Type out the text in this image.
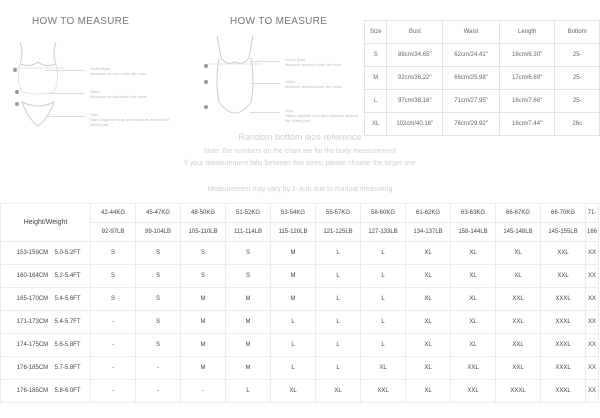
HOW TO MEASURE
Under Bust
Measure around under the bust
Waist
Measure around lower the waist
Hips
Stand together legs and measure around the fullest part
HOW TO MEASURE
Under Bust
Measure around under the bust
Waist
Measure around lower the waist
Hips
Stand together legs and measure around the fullest part
Size	Bust	Waist	Length	Bottom
S	88cm/34.65''	62cm/24.41''	16cm/6.30''	25-
M	92cm/36.22''	66cm/25.98''	17cm/6.69''	25-
L	97cm/38.16''	71cm/27.95''	16cm/7.66''	25-
XL	102cm/40.16''	76cm/29.92''	16cm/7.44''	26c
Random bottom size reference
Note: the numbers on the chart are for the body measurement
If your measurement falls between two sizes, please choose the larger one
Measurement may vary by 1-3cm due to manual measuring
Height/Weight	42-44KG	45-47KG	48-50KG	51-52KG	53-54KG	55-57KG	58-60KG	61-62KG	63-63KG	66-67KG	66-70KG	71-
	92-97LB	99-104LB	105-110LB	111-114LB	115-120LB	121-125LB	127-133LB	134-137LB	158-144LB	145-148LB	145-155LB	166
153-159CM 5.0-5.2FT	S	S	S	S	M	L	L	XL	XL	XL	XXL	XX
160-164CM 5.2-5.4FT	S	S	S	S	M	L	L	XL	XL	XL	XXL	XX
165-170CM 5.4-5.6FT	S	S	M	M	M	L	L	XL	XL	XXL	XXXL	XX
171-173CM 5.4-5.7FT	-	S	M	M	L	L	L	XL	XL	XXL	XXXL	XX
174-175CM 5.6-5.8FT	-	S	M	M	L	L	L	XL	XL	XXL	XXXL	XX
176-185CM 5.7-5.8FT	-	-	M	M	L	L	XL	XL	XXL	XXL	XXXL	XX
176-185CM 5.8-6.0FT	-	-	-	L	XL	XL	XXL	XL	XXL	XXXL	XXXL	XX
